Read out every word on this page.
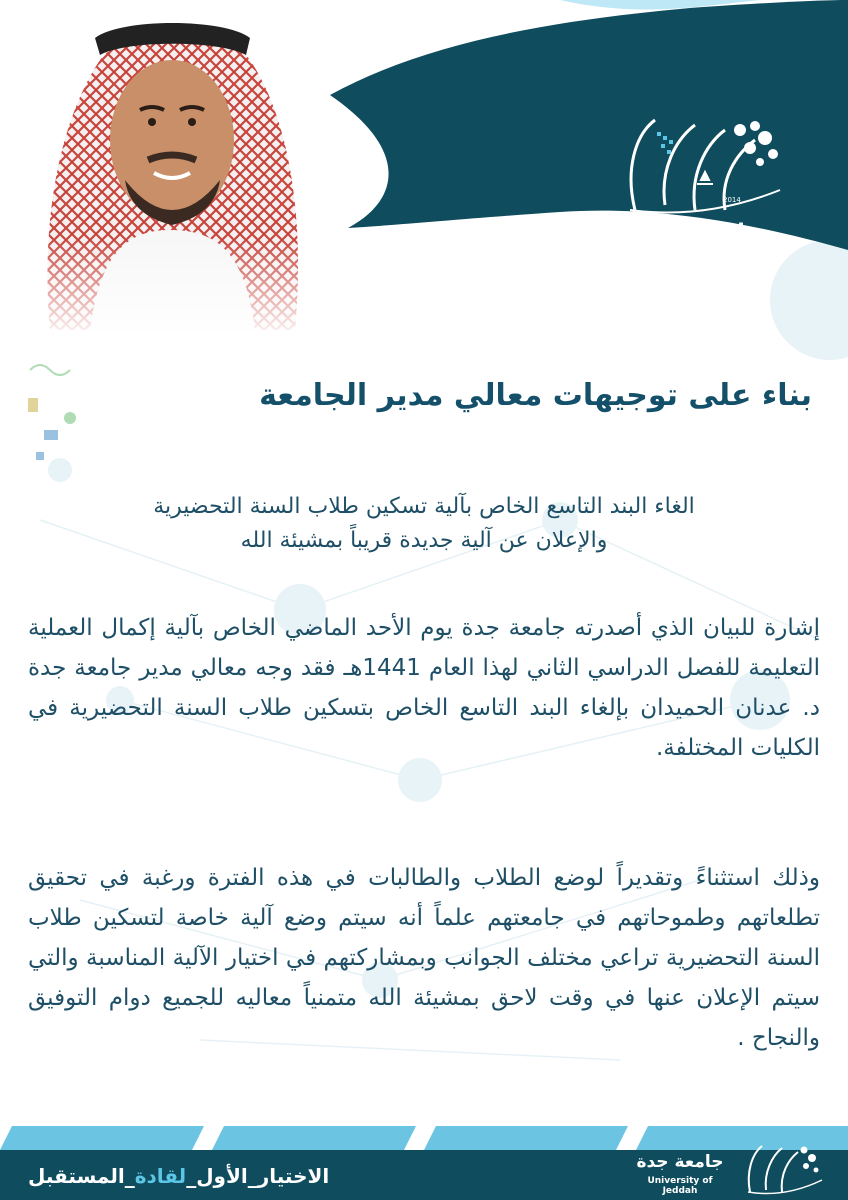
2014
جامعة جدة
University of Jeddah
بناء على توجيهات معالي مدير الجامعة
الغاء البند التاسع الخاص بآلية تسكين طلاب السنة التحضيرية
والإعلان عن آلية جديدة قريباً بمشيئة الله

إشارة للبيان الذي أصدرته جامعة جدة يوم الأحد الماضي الخاص بآلية إكمال العملية التعليمة للفصل الدراسي الثاني لهذا العام 1441هـ فقد وجه معالي مدير جامعة جدة د. عدنان الحميدان بإلغاء البند التاسع الخاص بتسكين طلاب السنة التحضيرية في الكليات المختلفة.

وذلك استثناءً وتقديراً لوضع الطلاب والطالبات في هذه الفترة ورغبة في تحقيق تطلعاتهم وطموحاتهم في جامعتهم علماً أنه سيتم وضع آلية خاصة لتسكين طلاب السنة التحضيرية تراعي مختلف الجوانب وبمشاركتهم في اختيار الآلية المناسبة والتي سيتم الإعلان عنها في وقت لاحق بمشيئة الله متمنياً معاليه للجميع دوام التوفيق والنجاح .

الاختيار_الأول_لقادة_المستقبل
جامعة جدة
University of Jeddah
